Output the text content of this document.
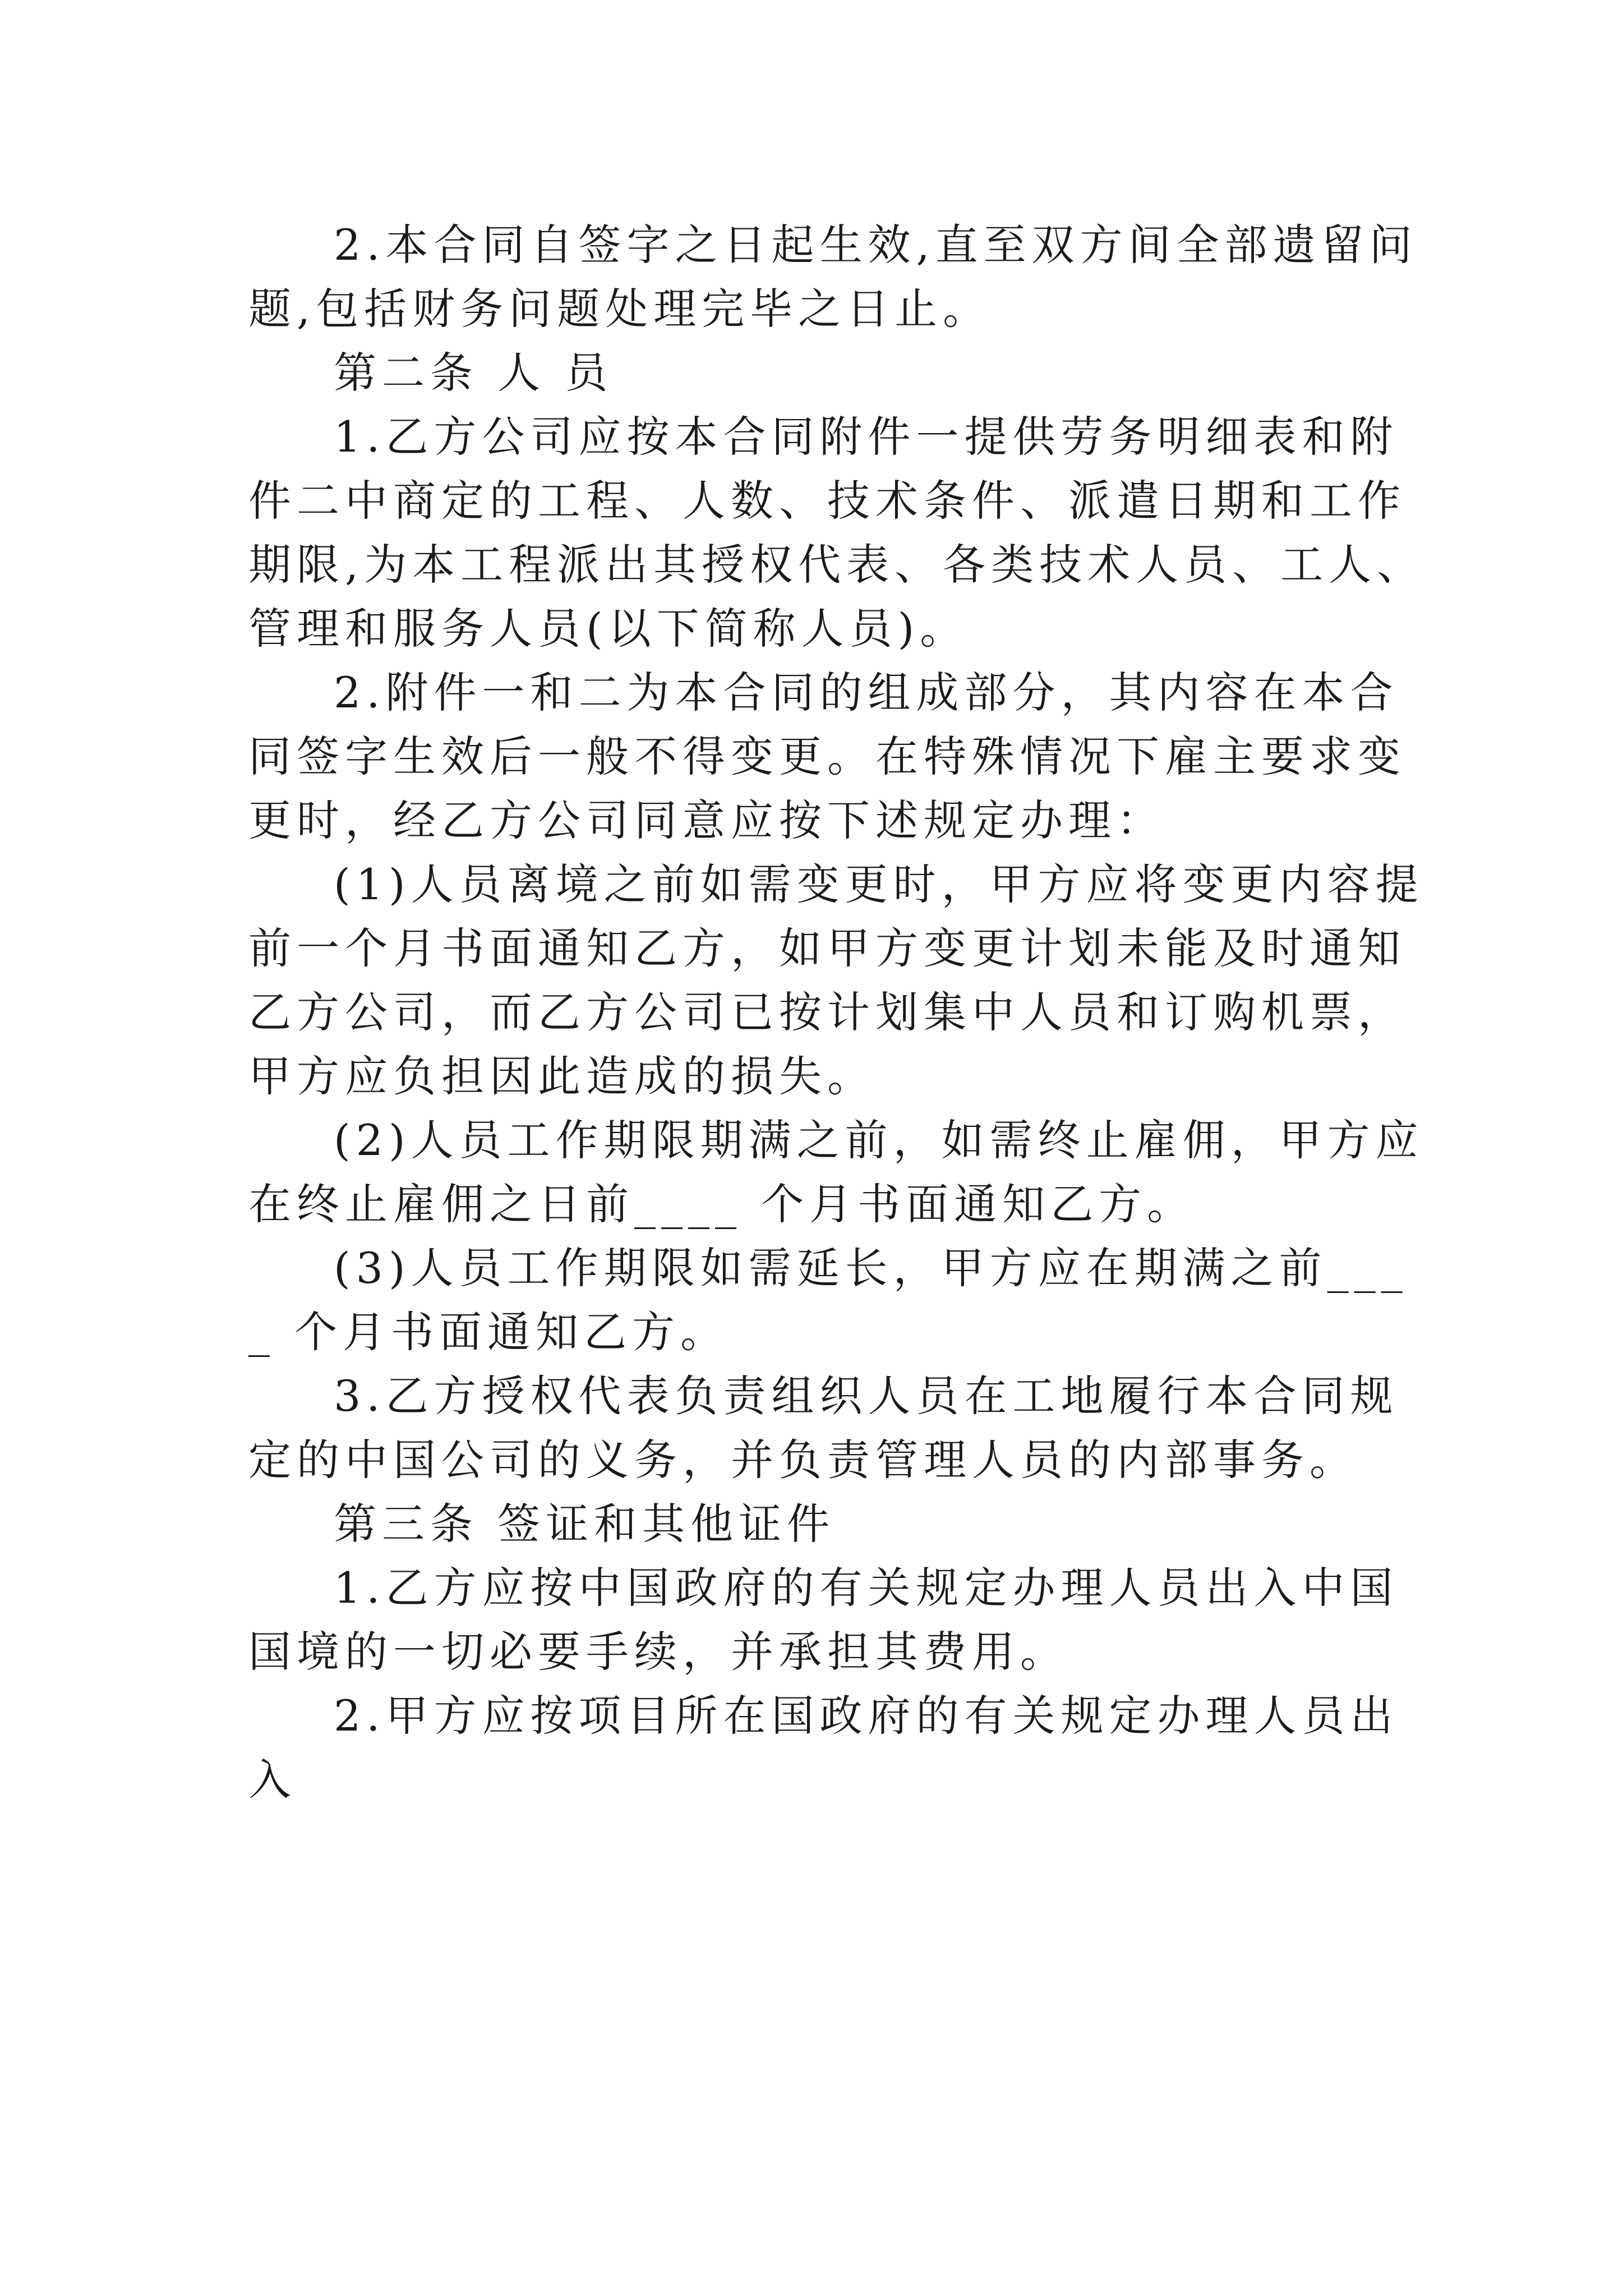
2.本合同自签字之日起生效,直至双方间全部遗留问题,包括财务问题处理完毕之日止。

第二条 人 员

1.乙方公司应按本合同附件一提供劳务明细表和附件二中商定的工程、人数、技术条件、派遣日期和工作期限,为本工程派出其授权代表、各类技术人员、工人、管理和服务人员(以下简称人员)。

2.附件一和二为本合同的组成部分，其内容在本合同签字生效后一般不得变更。在特殊情况下雇主要求变更时，经乙方公司同意应按下述规定办理：

(1)人员离境之前如需变更时，甲方应将变更内容提前一个月书面通知乙方，如甲方变更计划未能及时通知乙方公司，而乙方公司已按计划集中人员和订购机票，甲方应负担因此造成的损失。

(2)人员工作期限期满之前，如需终止雇佣，甲方应在终止雇佣之日前____ 个月书面通知乙方。

(3)人员工作期限如需延长，甲方应在期满之前____ 个月书面通知乙方。

3.乙方授权代表负责组织人员在工地履行本合同规定的中国公司的义务，并负责管理人员的内部事务。

第三条 签证和其他证件

1.乙方应按中国政府的有关规定办理人员出入中国国境的一切必要手续，并承担其费用。

2.甲方应按项目所在国政府的有关规定办理人员出入
